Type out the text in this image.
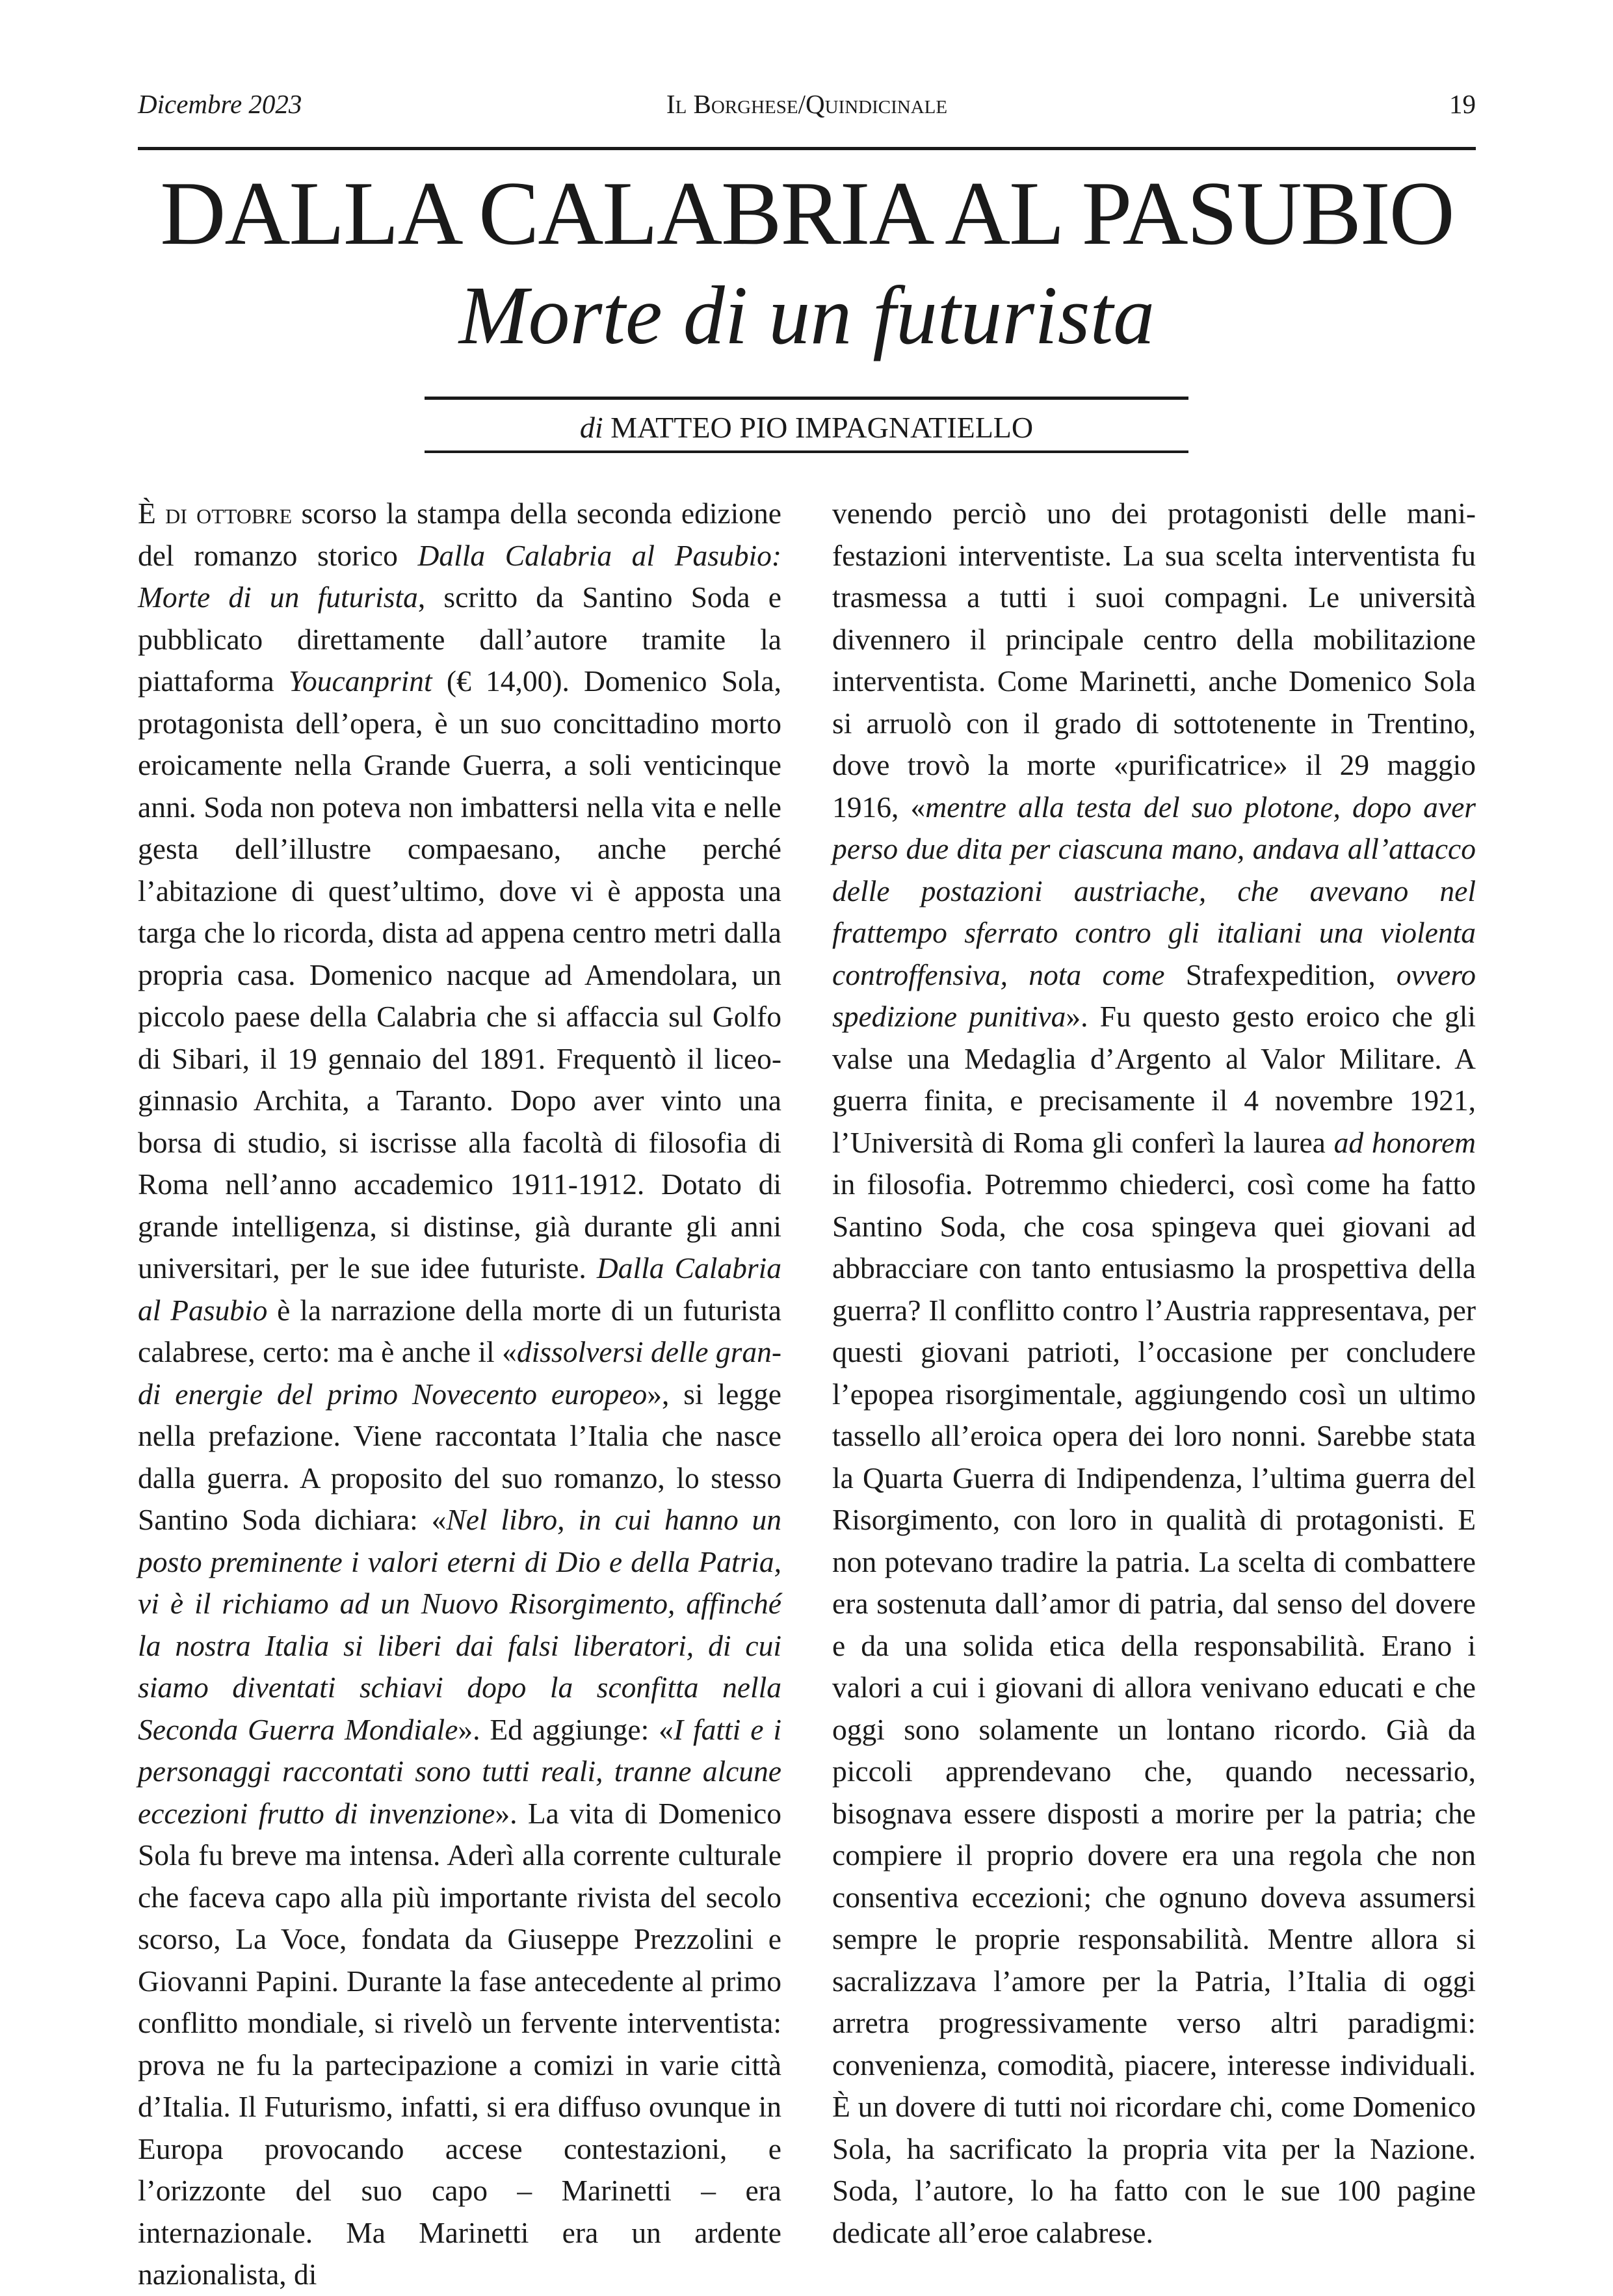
Dicembre 2023	Il Borghese/Quindicinale	19
DALLA CALABRIA AL PASUBIO
Morte di un futurista
di MATTEO PIO IMPAGNATIELLO

È di ottobre scorso la stampa della seconda edizione del romanzo storico Dalla Calabria al Pasubio: Morte di un futurista, scritto da Santino Soda e pubblicato direttamente dall’autore tramite la piattaforma Youcanprint (€ 14,00). Domenico Sola, protagonista dell’opera, è un suo concittadino morto eroicamente nella Grande Guerra, a soli venticinque anni. Soda non poteva non imbattersi nella vita e nelle gesta dell’illustre compaesano, anche perché l’abitazione di quest’ultimo, dove vi è apposta una targa che lo ricorda, dista ad appena centro metri dalla propria casa. Domenico nacque ad Amendolara, un piccolo paese della Calabria che si affaccia sul Golfo di Sibari, il 19 gennaio del 1891. Frequentò il liceo-ginnasio Archita, a Taranto. Dopo aver vinto una borsa di studio, si iscrisse alla facoltà di filosofia di Roma nell’anno accademico 1911-1912. Dotato di grande intelligenza, si distinse, già durante gli anni universitari, per le sue idee futuriste. Dalla Calabria al Pasubio è la narrazione della morte di un futurista calabrese, certo: ma è anche il «dissolversi delle grandi energie del primo Novecento europeo», si legge nella prefazione. Viene raccontata l’Italia che nasce dalla guerra. A proposito del suo romanzo, lo stesso Santino Soda dichiara: «Nel libro, in cui hanno un posto preminente i valori eterni di Dio e della Patria, vi è il richiamo ad un Nuovo Risorgimento, affinché la nostra Italia si liberi dai falsi liberatori, di cui siamo diventati schiavi dopo la sconfitta nella Seconda Guerra Mondiale». Ed aggiunge: «I fatti e i personaggi raccontati sono tutti reali, tranne alcune eccezioni frutto di invenzione». La vita di Domenico Sola fu breve ma intensa. Aderì alla corrente culturale che faceva capo alla più importante rivista del secolo scorso, La Voce, fondata da Giuseppe Prezzolini e Giovanni Papini. Durante la fase antecedente al primo conflitto mondiale, si rivelò un fervente interventista: prova ne fu la partecipazione a comizi in varie città d’Italia. Il Futurismo, infatti, si era diffuso ovunque in Europa provocando accese contestazioni, e l’orizzonte del suo capo – Marinetti – era internazionale. Ma Marinetti era un ardente nazionalista, di

venendo perciò uno dei protagonisti delle manifestazioni interventiste. La sua scelta interventista fu trasmessa a tutti i suoi compagni. Le università divennero il principale centro della mobilitazione interventista. Come Marinetti, anche Domenico Sola si arruolò con il grado di sottotenente in Trentino, dove trovò la morte «purificatrice» il 29 maggio 1916, «mentre alla testa del suo plotone, dopo aver perso due dita per ciascuna mano, andava all’attacco delle postazioni austriache, che avevano nel frattempo sferrato contro gli italiani una violenta controffensiva, nota come Strafexpedition, ovvero spedizione punitiva». Fu questo gesto eroico che gli valse una Medaglia d’Argento al Valor Militare. A guerra finita, e precisamente il 4 novembre 1921, l’Università di Roma gli conferì la laurea ad honorem in filosofia. Potremmo chiederci, così come ha fatto Santino Soda, che cosa spingeva quei giovani ad abbracciare con tanto entusiasmo la prospettiva della guerra? Il conflitto contro l’Austria rappresentava, per questi giovani patrioti, l’occasione per concludere l’epopea risorgimentale, aggiungendo così un ultimo tassello all’eroica opera dei loro nonni. Sarebbe stata la Quarta Guerra di Indipendenza, l’ultima guerra del Risorgimento, con loro in qualità di protagonisti. E non potevano tradire la patria. La scelta di combattere era sostenuta dall’amor di patria, dal senso del dovere e da una solida etica della responsabilità. Erano i valori a cui i giovani di allora venivano educati e che oggi sono solamente un lontano ricordo. Già da piccoli apprendevano che, quando necessario, bisognava essere disposti a morire per la patria; che compiere il proprio dovere era una regola che non consentiva eccezioni; che ognuno doveva assumersi sempre le proprie responsabilità. Mentre allora si sacralizzava l’amore per la Patria, l’Italia di oggi arretra progressivamente verso altri paradigmi: convenienza, comodità, piacere, interesse individuali. È un dovere di tutti noi ricordare chi, come Domenico Sola, ha sacrificato la propria vita per la Nazione. Soda, l’autore, lo ha fatto con le sue 100 pagine dedicate all’eroe calabrese.
